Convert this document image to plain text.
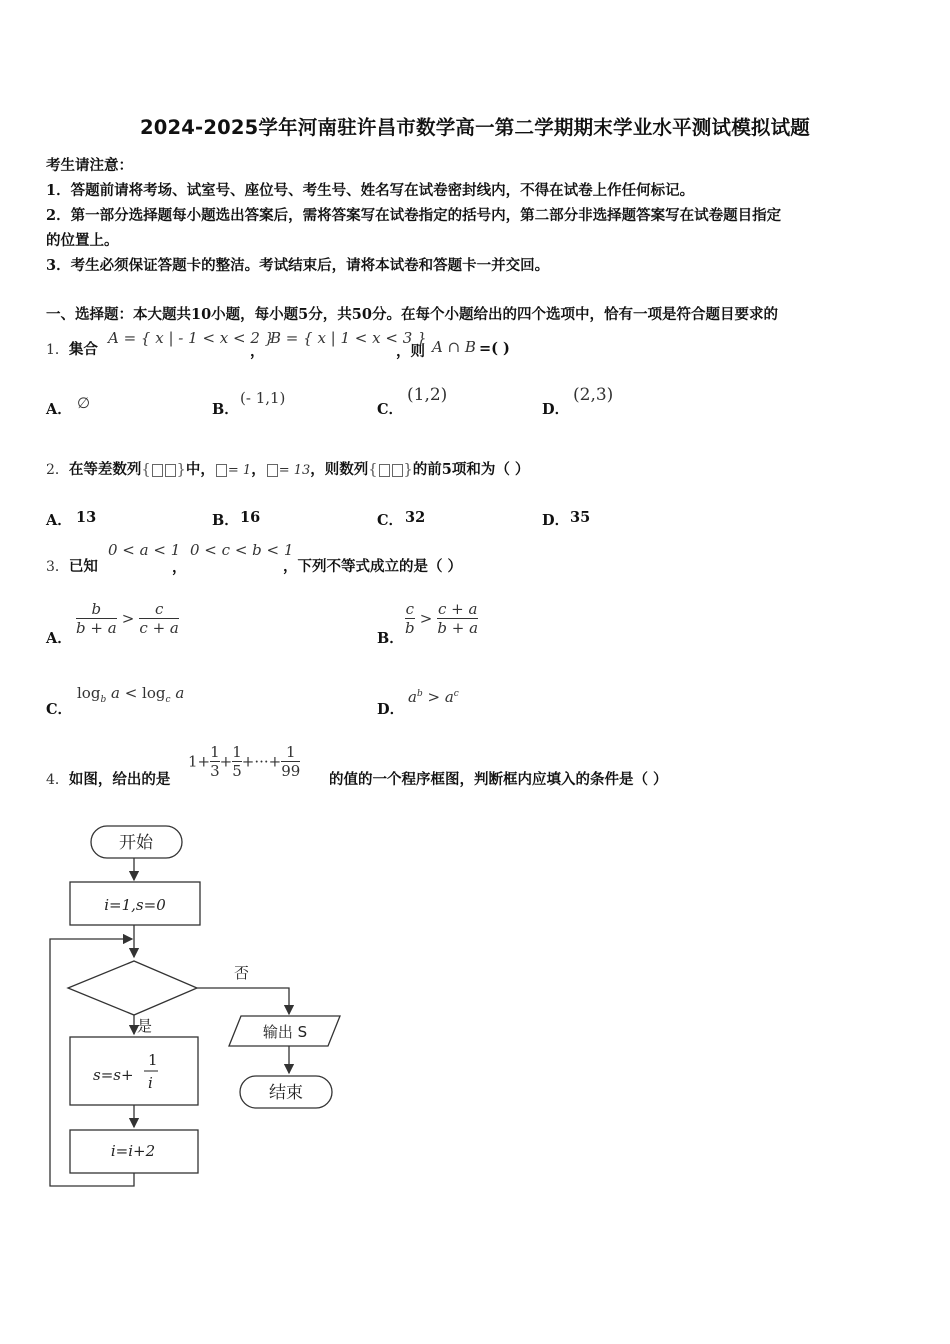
2024-2025学年河南驻许昌市数学高一第二学期期末学业水平测试模拟试题
考生请注意：
1．答题前请将考场、试室号、座位号、考生号、姓名写在试卷密封线内，不得在试卷上作任何标记。
2．第一部分选择题每小题选出答案后，需将答案写在试卷指定的括号内，第二部分非选择题答案写在试卷题目指定
的位置上。
3．考生必须保证答题卡的整洁。考试结束后，请将本试卷和答题卡一并交回。
一、选择题：本大题共10小题，每小题5分，共50分。在每个小题给出的四个选项中，恰有一项是符合题目要求的
1．集合
A = { x | - 1 < x < 2 }
，
B = { x | 1 < x < 3 }
，则 A ∩ B =( )
A． ∅	B．
(- 1,1)
C．
(1,2)
D．
(2,3)
2．在等差数列{ }中， = 1， = 13，则数列{ }的前5项和为（ ）
A． 13	B． 16	C． 32	D． 35
3．已知
0 < a < 1
，
0 < c < b < 1
，下列不等式成立的是（ ）
A．
$\frac{b}{b + a} > \frac{c}{c + a}$
B．
$\frac{c}{b} > \frac{c + a}{b + a}$
C．
$\log_b a < \log_c a$
D．
$a^b > a^c$
4．如图，给出的是
$1+ \frac{1}{3} + \frac{1}{5}$ +···+ $\frac{1}{99}$ 的值的一个程序框图，判断框内应填入的条件是（ ）
开始
i=1,s=0
否
是	输出 S
结束
s=s+
1
i
i=i+2
